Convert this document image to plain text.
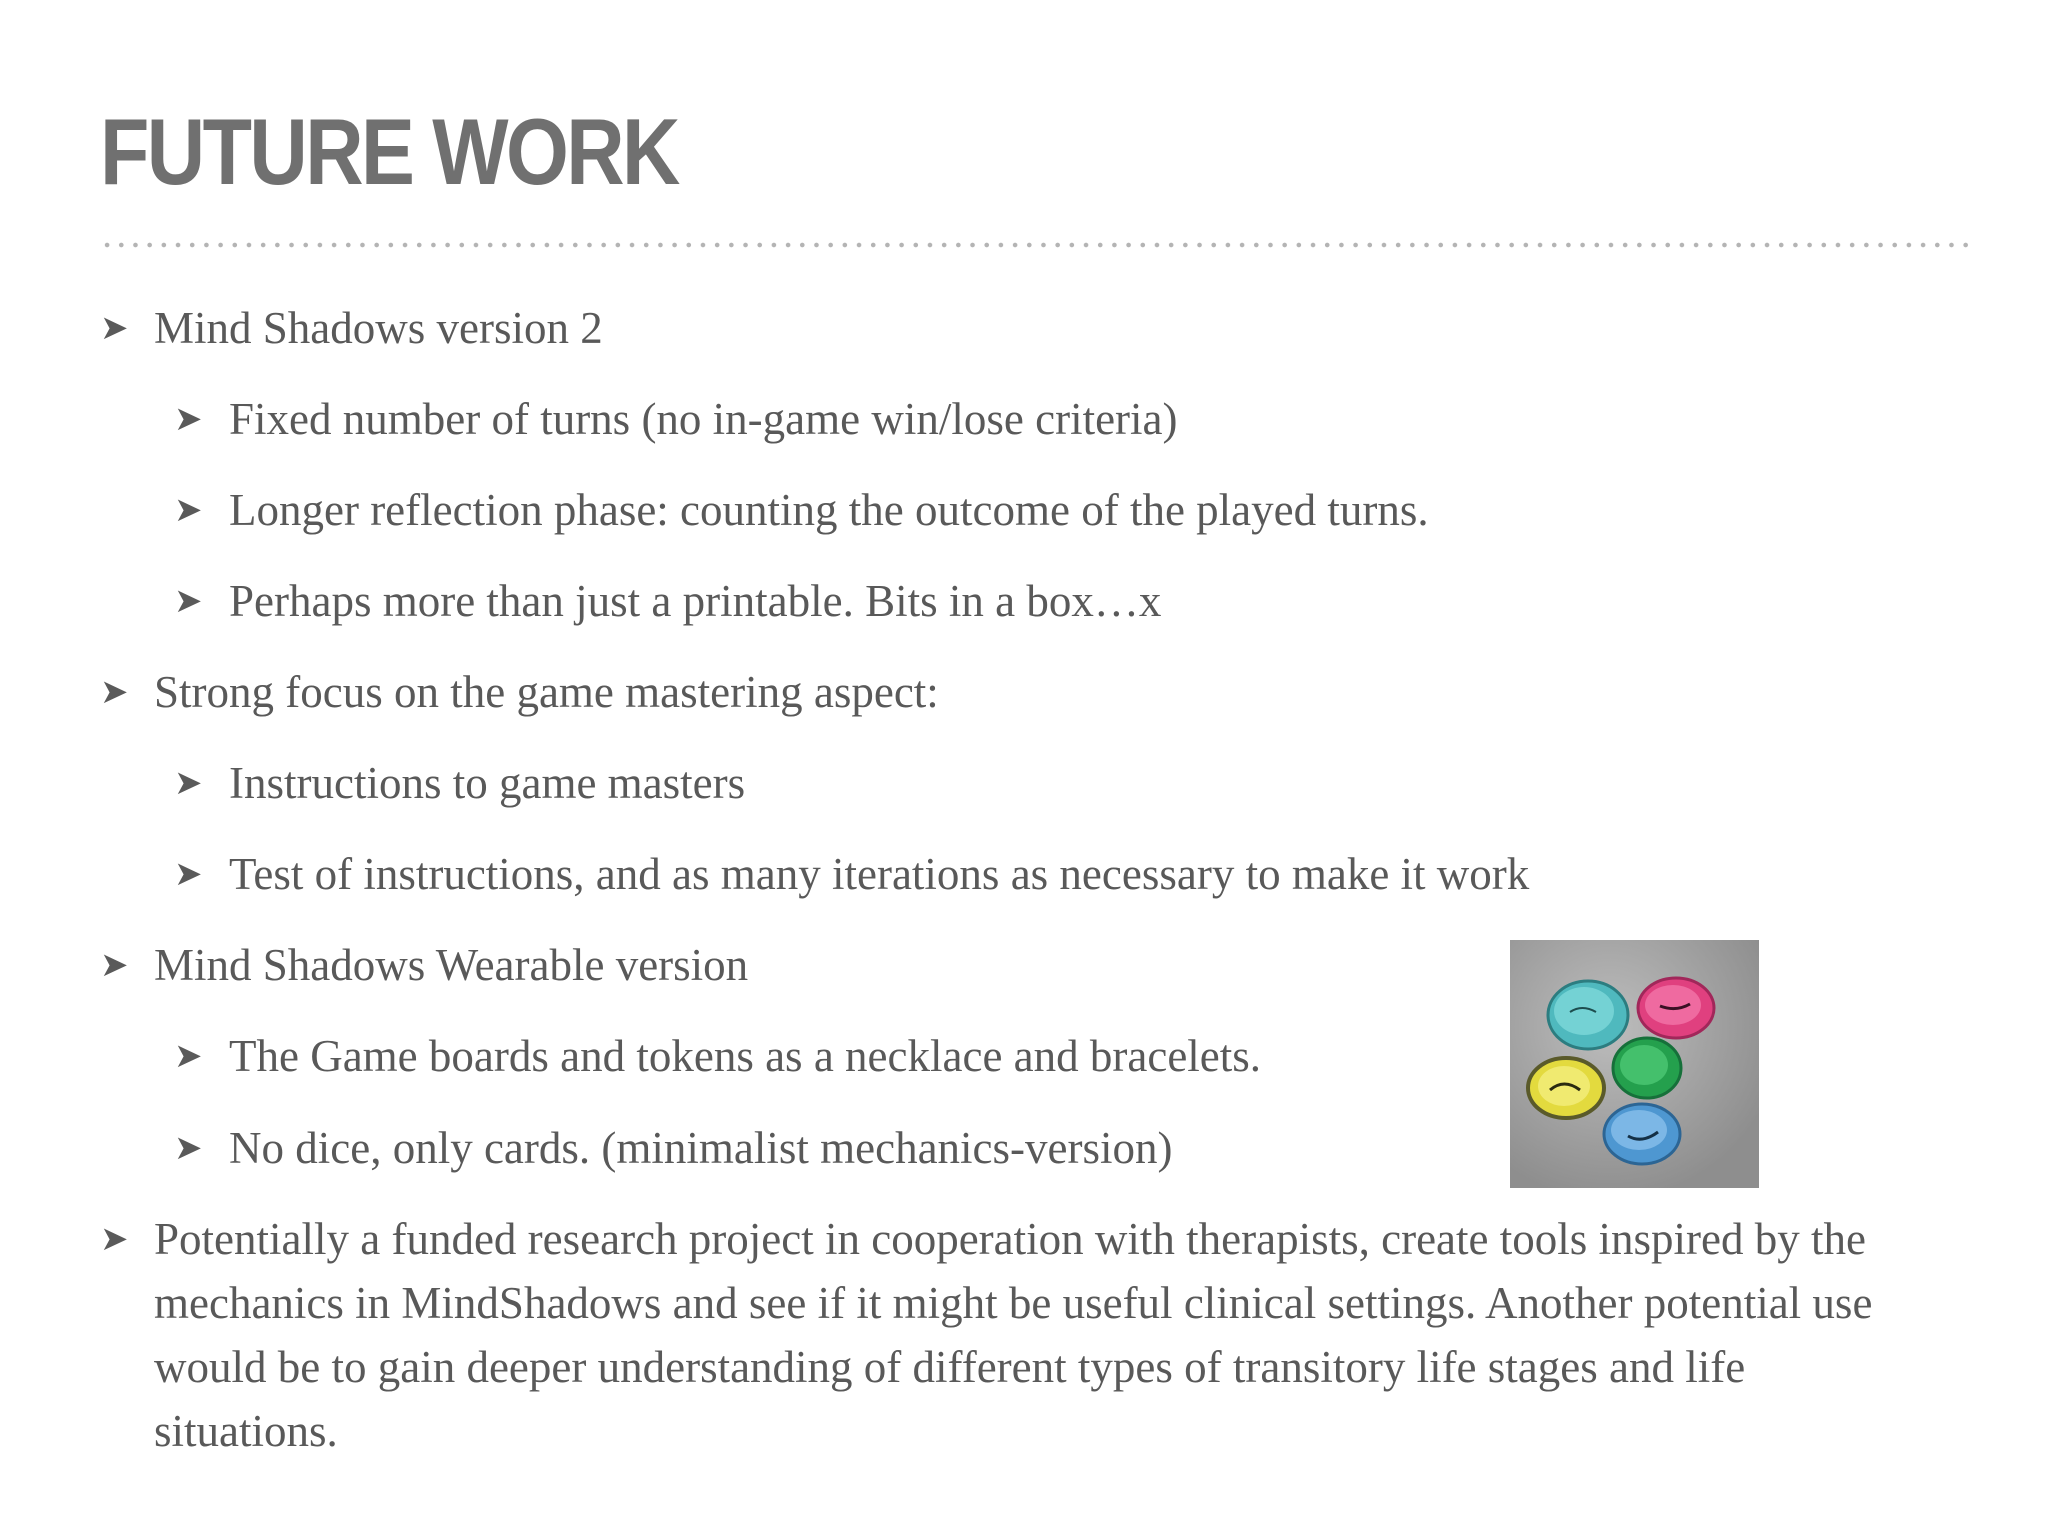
FUTURE WORK
➤ Mind Shadows version 2
➤ Fixed number of turns (no in-game win/lose criteria)
➤ Longer reflection phase: counting the outcome of the played turns.
➤ Perhaps more than just a printable. Bits in a box…x
➤ Strong focus on the game mastering aspect:
➤ Instructions to game masters
➤ Test of instructions, and as many iterations as necessary to make it work
➤ Mind Shadows Wearable version
➤ The Game boards and tokens as a necklace and bracelets.
➤ No dice, only cards. (minimalist mechanics-version)
➤ Potentially a funded research project in cooperation with therapists, create tools inspired by the mechanics in MindShadows and see if it might be useful clinical settings. Another potential use would be to gain deeper understanding of different types of transitory life stages and life situations.
